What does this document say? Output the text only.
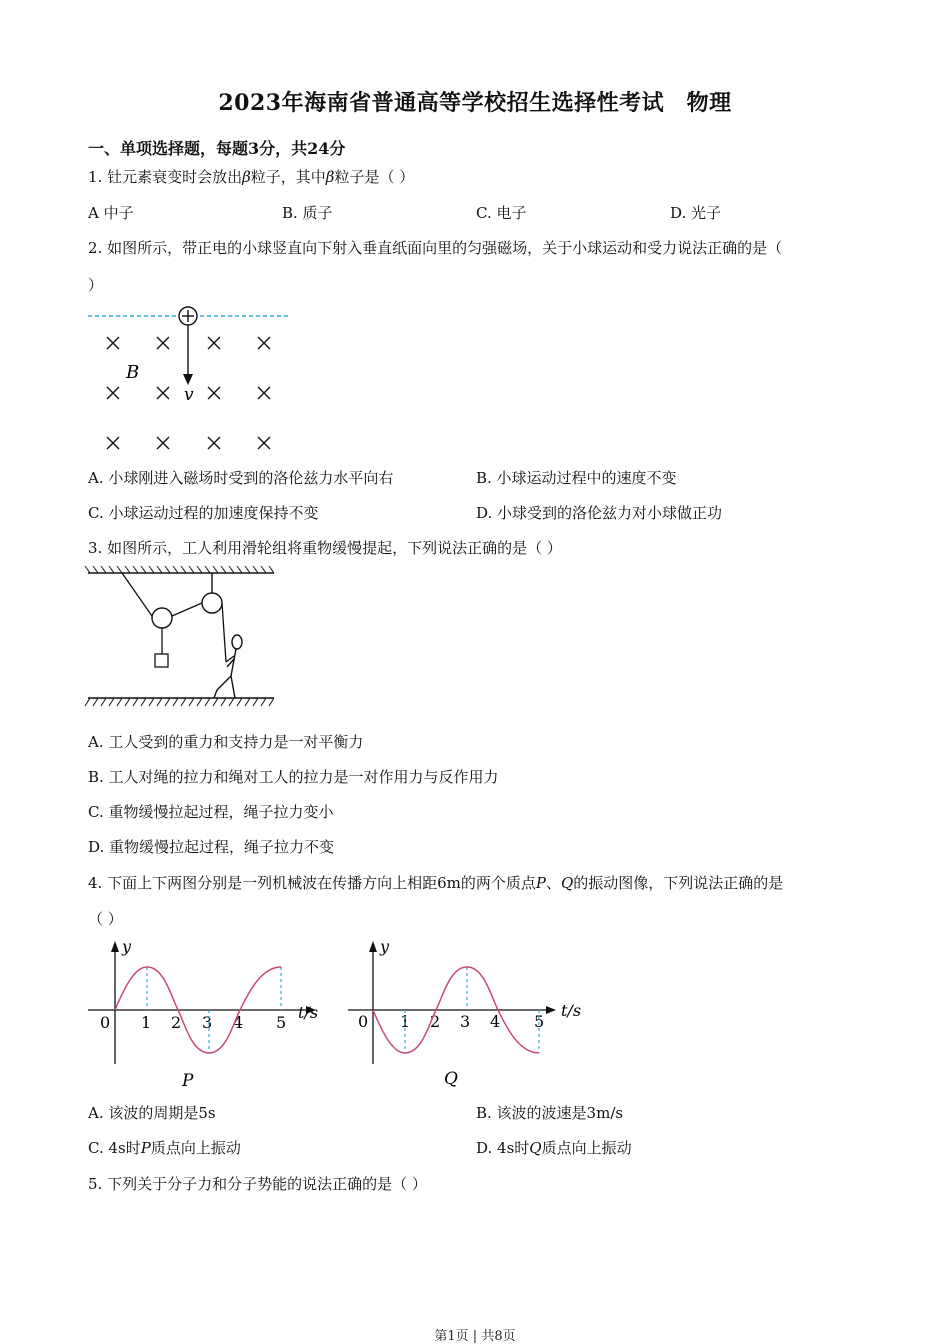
2023年海南省普通高等学校招生选择性考试　物理
一、单项选择题，每题3分，共24分
1. 钍元素衰变时会放出β粒子，其中β粒子是（ ）
A 中子	B. 质子	C. 电子	D. 光子
2. 如图所示，带正电的小球竖直向下射入垂直纸面向里的匀强磁场，关于小球运动和受力说法正确的是（
）
B
v
A. 小球刚进入磁场时受到的洛伦兹力水平向右	B. 小球运动过程中的速度不变
C. 小球运动过程的加速度保持不变	D. 小球受到的洛伦兹力对小球做正功
3. 如图所示，工人利用滑轮组将重物缓慢提起，下列说法正确的是（ ）
A. 工人受到的重力和支持力是一对平衡力
B. 工人对绳的拉力和绳对工人的拉力是一对作用力与反作用力
C. 重物缓慢拉起过程，绳子拉力变小
D. 重物缓慢拉起过程，绳子拉力不变
4. 下面上下两图分别是一列机械波在传播方向上相距6m的两个质点P、Q的振动图像，下列说法正确的是
（ ）
y
t/s
0 1 2 3 4 5
P
y
t/s
0 1 2 3 4 5
Q
A. 该波的周期是5s	B. 该波的波速是3m/s
C. 4s时P质点向上振动	D. 4s时Q质点向上振动
5. 下列关于分子力和分子势能的说法正确的是（ ）
第1页 | 共8页
